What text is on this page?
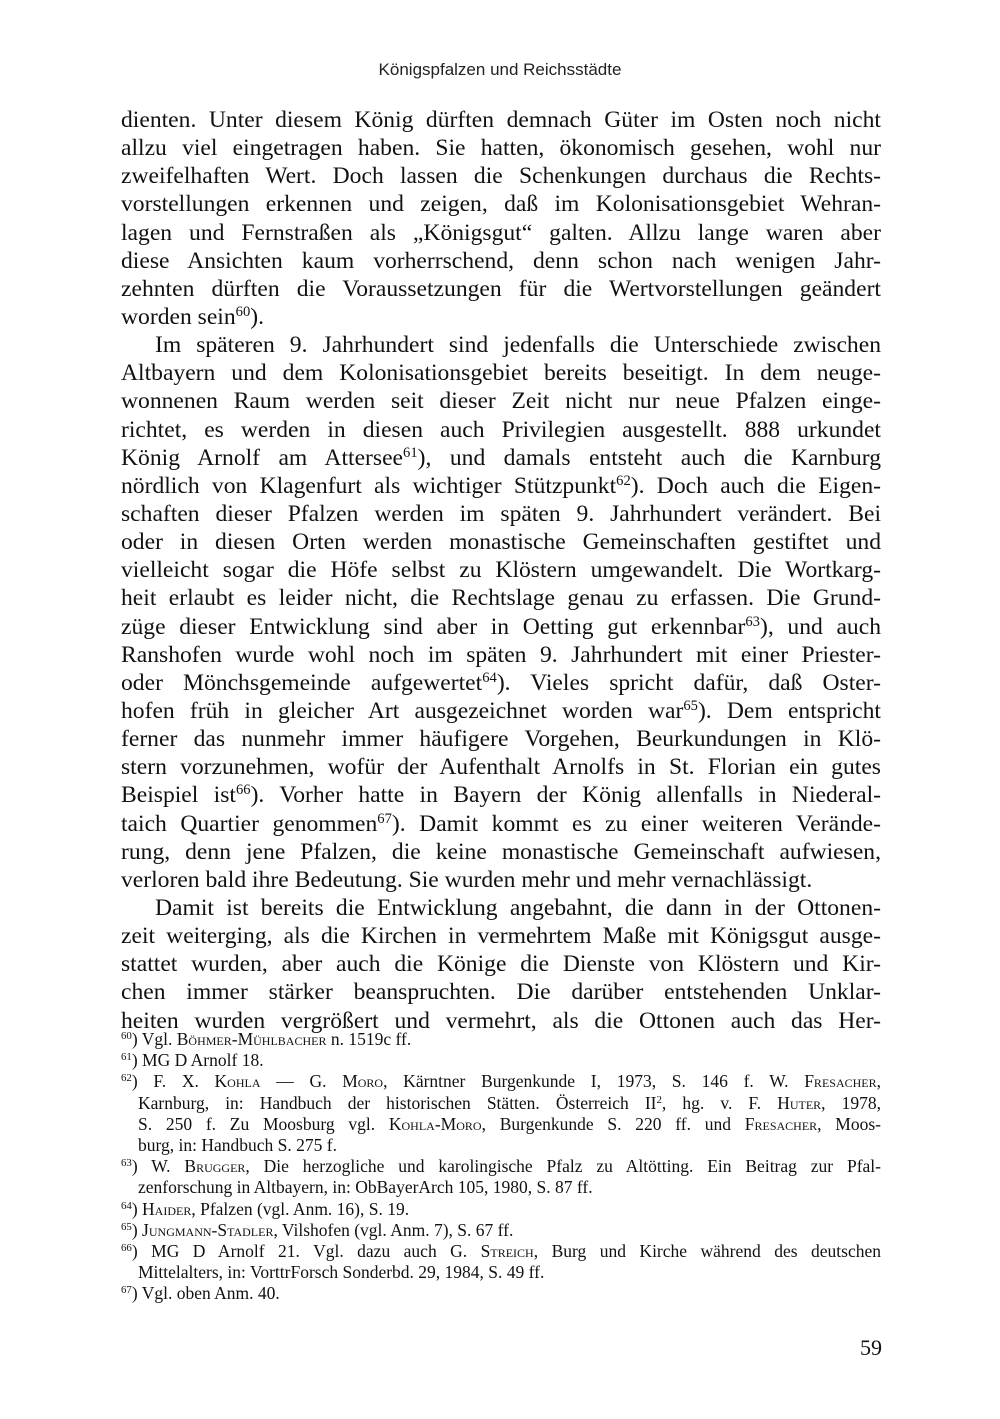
Königspfalzen und Reichsstädte
dienten. Unter diesem König dürften demnach Güter im Osten noch nicht
allzu viel eingetragen haben. Sie hatten, ökonomisch gesehen, wohl nur
zweifelhaften Wert. Doch lassen die Schenkungen durchaus die Rechts-
vorstellungen erkennen und zeigen, daß im Kolonisationsgebiet Wehran-
lagen und Fernstraßen als „Königsgut“ galten. Allzu lange waren aber
diese Ansichten kaum vorherrschend, denn schon nach wenigen Jahr-
zehnten dürften die Voraussetzungen für die Wertvorstellungen geändert
worden sein$^{60}$).
Im späteren 9. Jahrhundert sind jedenfalls die Unterschiede zwischen
Altbayern und dem Kolonisationsgebiet bereits beseitigt. In dem neuge-
wonnenen Raum werden seit dieser Zeit nicht nur neue Pfalzen einge-
richtet, es werden in diesen auch Privilegien ausgestellt. 888 urkundet
König Arnolf am Attersee$^{61}$), und damals entsteht auch die Karnburg
nördlich von Klagenfurt als wichtiger Stützpunkt$^{62}$). Doch auch die Eigen-
schaften dieser Pfalzen werden im späten 9. Jahrhundert verändert. Bei
oder in diesen Orten werden monastische Gemeinschaften gestiftet und
vielleicht sogar die Höfe selbst zu Klöstern umgewandelt. Die Wortkarg-
heit erlaubt es leider nicht, die Rechtslage genau zu erfassen. Die Grund-
züge dieser Entwicklung sind aber in Oetting gut erkennbar$^{63}$), und auch
Ranshofen wurde wohl noch im späten 9. Jahrhundert mit einer Priester-
oder Mönchsgemeinde aufgewertet$^{64}$). Vieles spricht dafür, daß Oster-
hofen früh in gleicher Art ausgezeichnet worden war$^{65}$). Dem entspricht
ferner das nunmehr immer häufigere Vorgehen, Beurkundungen in Klö-
stern vorzunehmen, wofür der Aufenthalt Arnolfs in St. Florian ein gutes
Beispiel ist$^{66}$). Vorher hatte in Bayern der König allenfalls in Niederal-
taich Quartier genommen$^{67}$). Damit kommt es zu einer weiteren Verände-
rung, denn jene Pfalzen, die keine monastische Gemeinschaft aufwiesen,
verloren bald ihre Bedeutung. Sie wurden mehr und mehr vernachlässigt.
Damit ist bereits die Entwicklung angebahnt, die dann in der Ottonen-
zeit weiterging, als die Kirchen in vermehrtem Maße mit Königsgut ausge-
stattet wurden, aber auch die Könige die Dienste von Klöstern und Kir-
chen immer stärker beanspruchten. Die darüber entstehenden Unklar-
heiten wurden vergrößert und vermehrt, als die Ottonen auch das Her-
$^{60}$) Vgl. Böhmer-Mühlbacher n. 1519c ff.
$^{61}$) MG D Arnolf 18.
$^{62}$) F. X. Kohla — G. Moro, Kärntner Burgenkunde I, 1973, S. 146 f. W. Fresacher,
Karnburg, in: Handbuch der historischen Stätten. Österreich $II^2$, hg. v. F. Huter, 1978,
S. 250 f. Zu Moosburg vgl. Kohla-Moro, Burgenkunde S. 220 ff. und Fresacher, Moos-
burg, in: Handbuch S. 275 f.
$^{63}$) W. Brugger, Die herzogliche und karolingische Pfalz zu Altötting. Ein Beitrag zur Pfal-
zenforschung in Altbayern, in: ObBayerArch 105, 1980, S. 87 ff.
$^{64}$) Haider, Pfalzen (vgl. Anm. 16), S. 19.
$^{65}$) Jungmann-Stadler, Vilshofen (vgl. Anm. 7), S. 67 ff.
$^{66}$) MG D Arnolf 21. Vgl. dazu auch G. Streich, Burg und Kirche während des deutschen
Mittelalters, in: VorttrForsch Sonderbd. 29, 1984, S. 49 ff.
$^{67}$) Vgl. oben Anm. 40.
59
